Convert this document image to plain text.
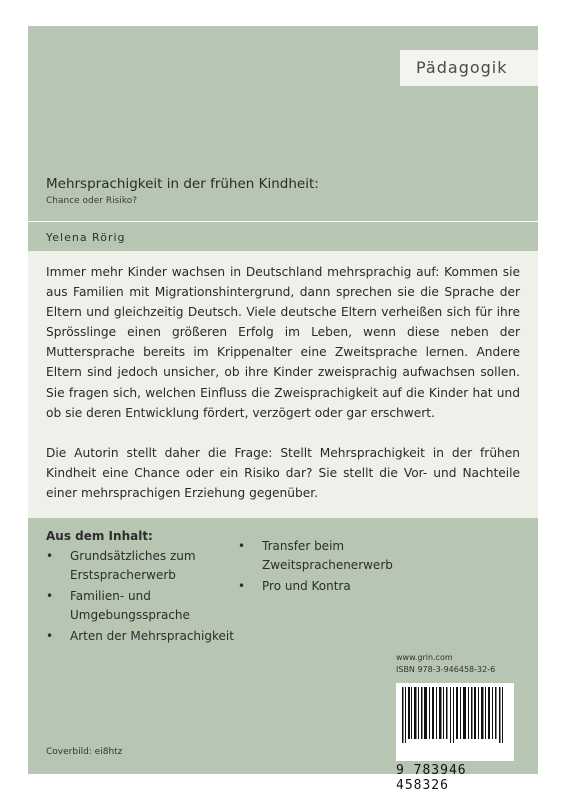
Pädagogik
Mehrsprachigkeit in der frühen Kindheit:
Chance oder Risiko?
Yelena Rörig

Immer mehr Kinder wachsen in Deutschland mehrsprachig auf: Kommen sie aus Familien mit Migrationshintergrund, dann sprechen sie die Sprache der Eltern und gleichzeitig Deutsch. Viele deutsche Eltern verheißen sich für ihre Sprösslinge einen größeren Erfolg im Leben, wenn diese neben der Muttersprache bereits im Krippenalter eine Zweitsprache lernen. Andere Eltern sind jedoch unsicher, ob ihre Kinder zweisprachig aufwachsen sollen. Sie fragen sich, welchen Einfluss die Zweisprachigkeit auf die Kinder hat und ob sie deren Entwicklung fördert, verzögert oder gar erschwert.

Die Autorin stellt daher die Frage: Stellt Mehrsprachigkeit in der frühen Kindheit eine Chance oder ein Risiko dar? Sie stellt die Vor- und Nachteile einer mehrsprachigen Erziehung gegenüber.

Aus dem Inhalt:
• Grundsätzliches zum Erstspracherwerb
• Familien- und Umgebungssprache
• Arten der Mehrsprachigkeit
• Transfer beim Zweitsprachenerwerb
• Pro und Kontra
www.grin.com
ISBN 978-3-946458-32-6
9 783946 458326
Coverbild: ei8htz
